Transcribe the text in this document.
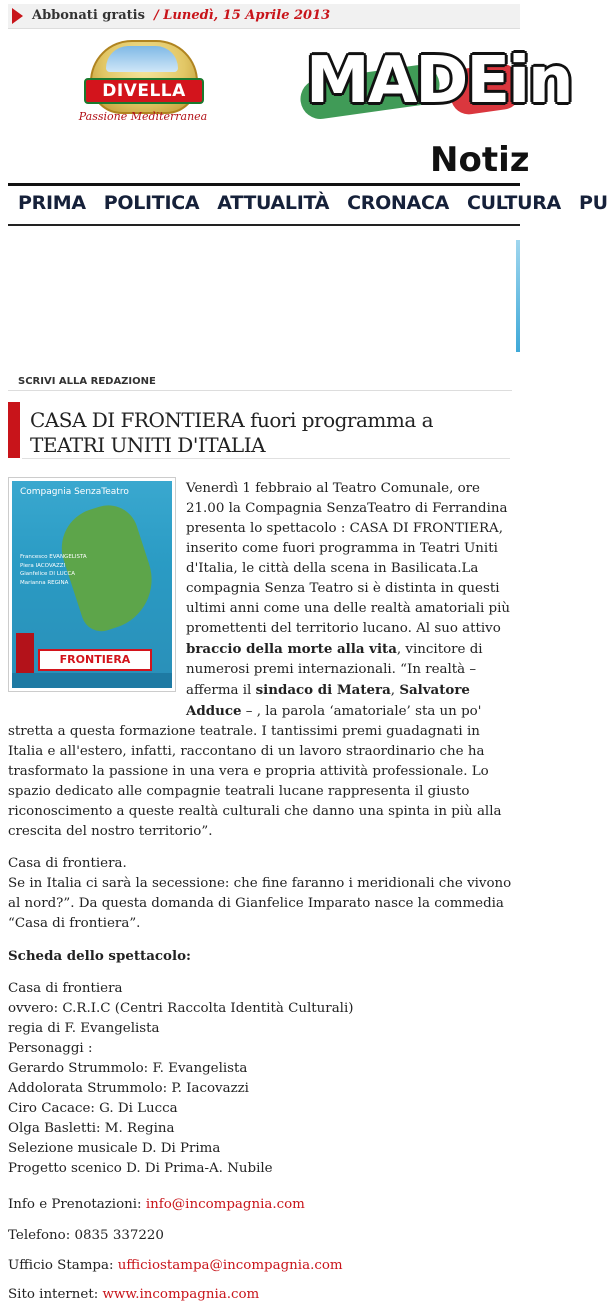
Abbonati gratis / Lunedì, 15 Aprile 2013
DIVELLA
Passione Mediterranea MADEin
Notiz
PRIMA POLITICA ATTUALITÀ CRONACA CULTURA PU
SCRIVI ALLA REDAZIONE
CASA DI FRONTIERA fuori programma a TEATRI UNITI D'ITALIA
Compagnia SenzaTeatro
Francesco EVANGELISTA
Piera IACOVAZZI
Gianfelice DI LUCCA
Marianna REGINA
FRONTIERA

Venerdì 1 febbraio al Teatro Comunale, ore 21.00 la Compagnia SenzaTeatro di Ferrandina presenta lo spettacolo : CASA DI FRONTIERA, inserito come fuori programma in Teatri Uniti d'Italia, le città della scena in Basilicata.La compagnia Senza Teatro si è distinta in questi ultimi anni come una delle realtà amatoriali più promettenti del territorio lucano. Al suo attivo braccio della morte alla vita, vincitore di numerosi premi internazionali. “In realtà – afferma il sindaco di Matera, Salvatore Adduce – , la parola ‘amatoriale’ sta un po' stretta a questa formazione teatrale. I tantissimi premi guadagnati in Italia e all'estero, infatti, raccontano di un lavoro straordinario che ha trasformato la passione in una vera e propria attività professionale. Lo spazio dedicato alle compagnie teatrali lucane rappresenta il giusto riconoscimento a queste realtà culturali che danno una spinta in più alla crescita del nostro territorio”.

Casa di frontiera.
Se in Italia ci sarà la secessione: che fine faranno i meridionali che vivono al nord?”. Da questa domanda di Gianfelice Imparato nasce la commedia “Casa di frontiera”.

Scheda dello spettacolo:

Casa di frontiera
ovvero: C.R.I.C (Centri Raccolta Identità Culturali)
regia di F. Evangelista
Personaggi :
Gerardo Strummolo: F. Evangelista
Addolorata Strummolo: P. Iacovazzi
Ciro Cacace: G. Di Lucca
Olga Basletti: M. Regina
Selezione musicale D. Di Prima
Progetto scenico D. Di Prima-A. Nubile

Info e Prenotazioni: info@incompagnia.com
Telefono: 0835 337220
Ufficio Stampa: ufficiostampa@incompagnia.com
Sito internet: www.incompagnia.com
